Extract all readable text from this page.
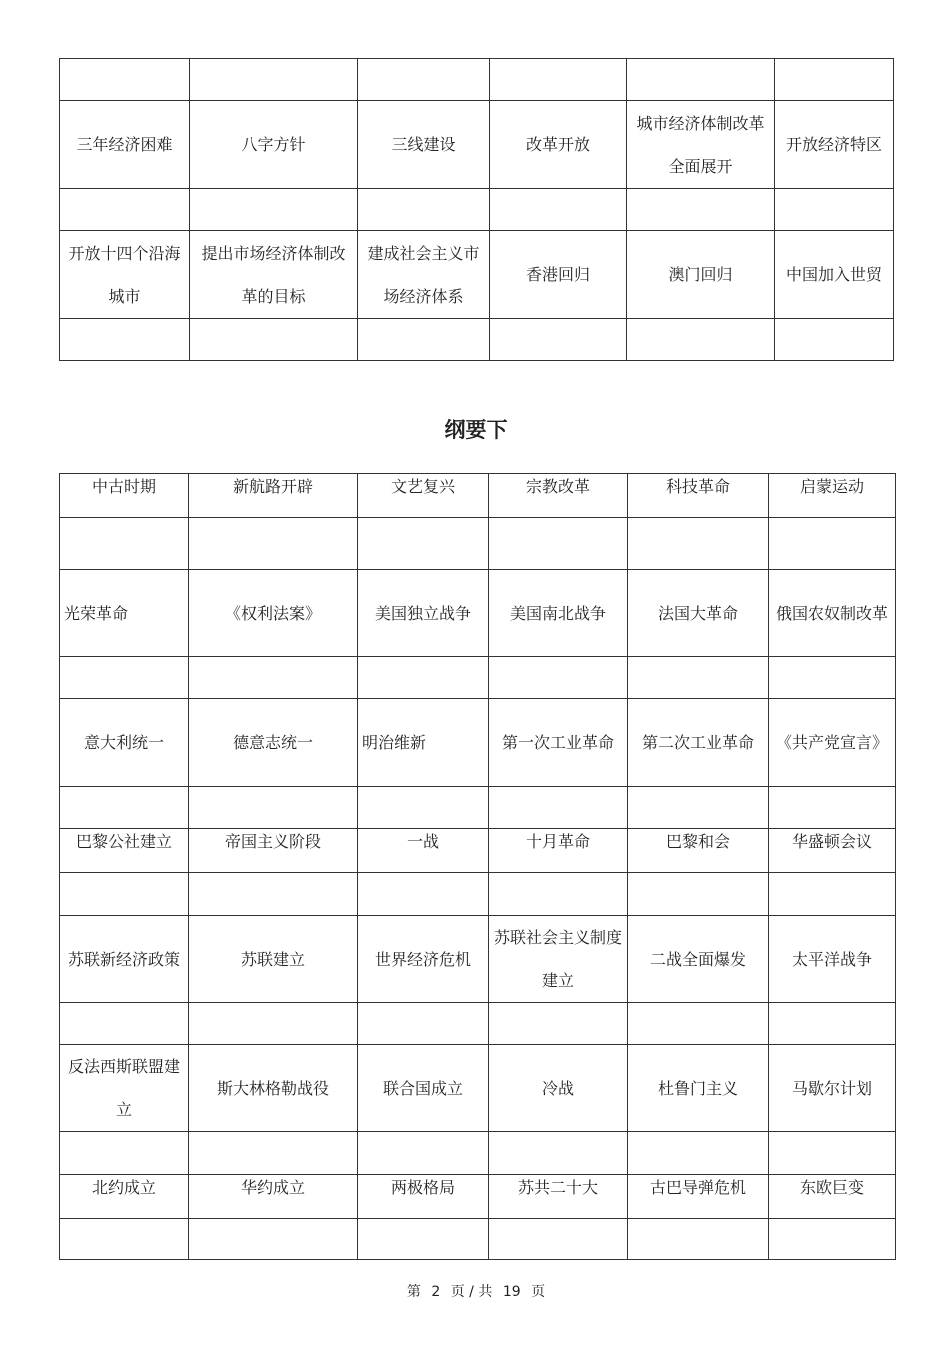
三年经济困难	八字方针	三线建设	改革开放	城市经济体制改革全面展开	开放经济特区

开放十四个沿海城市	提出市场经济体制改革的目标	建成社会主义市场经济体系	香港回归	澳门回归	中国加入世贸

纲要下
中古时期	新航路开辟	文艺复兴	宗教改革	科技革命	启蒙运动

光荣革命	《权利法案》	美国独立战争	美国南北战争	法国大革命	俄国农奴制改革

意大利统一	德意志统一	明治维新	第一次工业革命	第二次工业革命	《共产党宣言》

巴黎公社建立	帝国主义阶段	一战	十月革命	巴黎和会	华盛顿会议

苏联新经济政策	苏联建立	世界经济危机	苏联社会主义制度建立	二战全面爆发	太平洋战争

反法西斯联盟建立	斯大林格勒战役	联合国成立	冷战	杜鲁门主义	马歇尔计划

北约成立	华约成立	两极格局	苏共二十大	古巴导弹危机	东欧巨变

第 2 页 / 共 19 页
